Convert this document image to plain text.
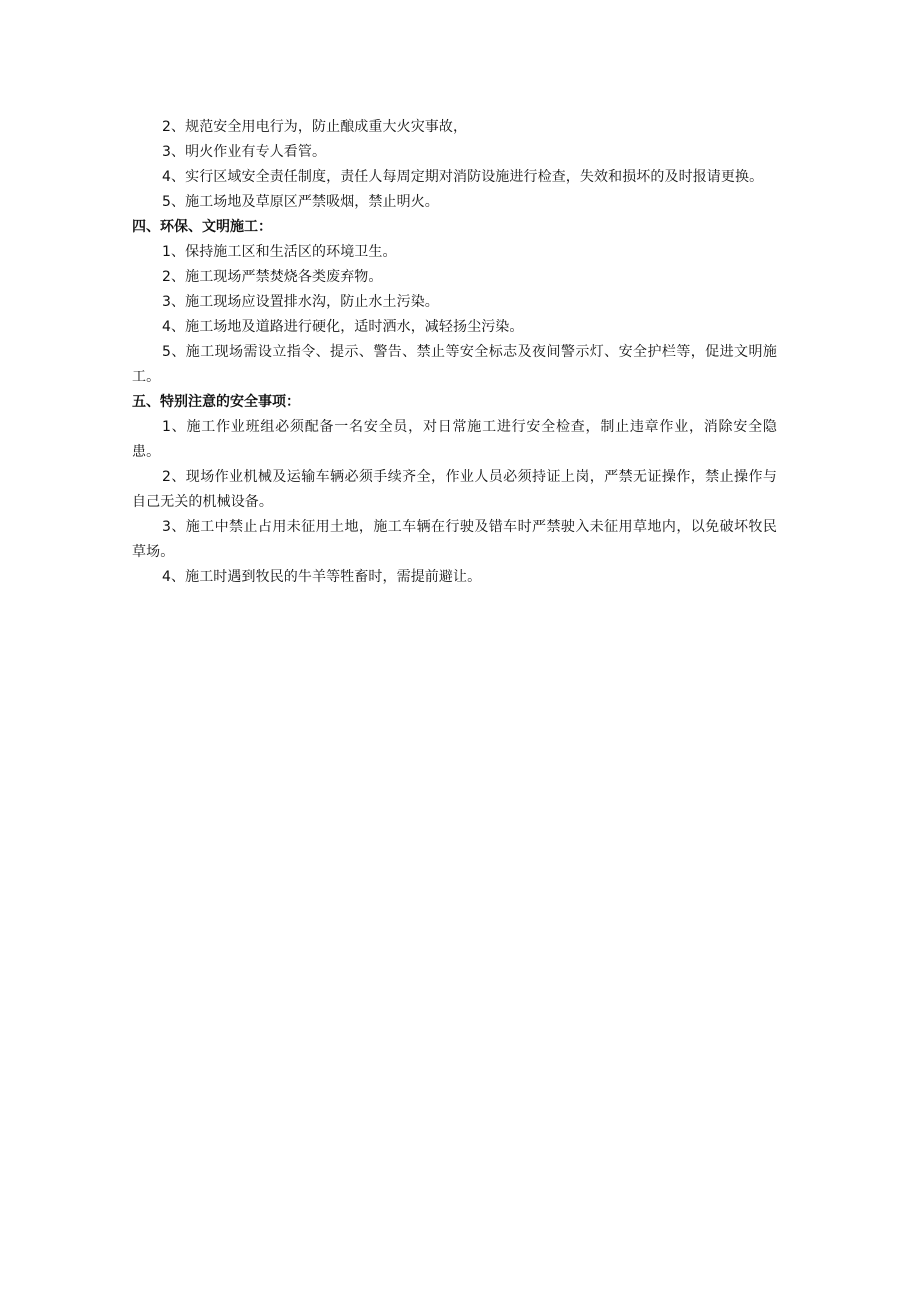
2、规范安全用电行为，防止酿成重大火灾事故，

3、明火作业有专人看管。

4、实行区域安全责任制度，责任人每周定期对消防设施进行检查，失效和损坏的及时报请更换。

5、施工场地及草原区严禁吸烟，禁止明火。

四、环保、文明施工：

1、保持施工区和生活区的环境卫生。

2、施工现场严禁焚烧各类废弃物。

3、施工现场应设置排水沟，防止水土污染。

4、施工场地及道路进行硬化，适时洒水，减轻扬尘污染。

5、施工现场需设立指令、提示、警告、禁止等安全标志及夜间警示灯、安全护栏等，促进文明施工。

五、特别注意的安全事项：

1、施工作业班组必须配备一名安全员，对日常施工进行安全检查，制止违章作业，消除安全隐患。

2、现场作业机械及运输车辆必须手续齐全，作业人员必须持证上岗，严禁无证操作，禁止操作与自己无关的机械设备。

3、施工中禁止占用未征用土地，施工车辆在行驶及错车时严禁驶入未征用草地内，以免破坏牧民草场。

4、施工时遇到牧民的牛羊等牲畜时，需提前避让。
